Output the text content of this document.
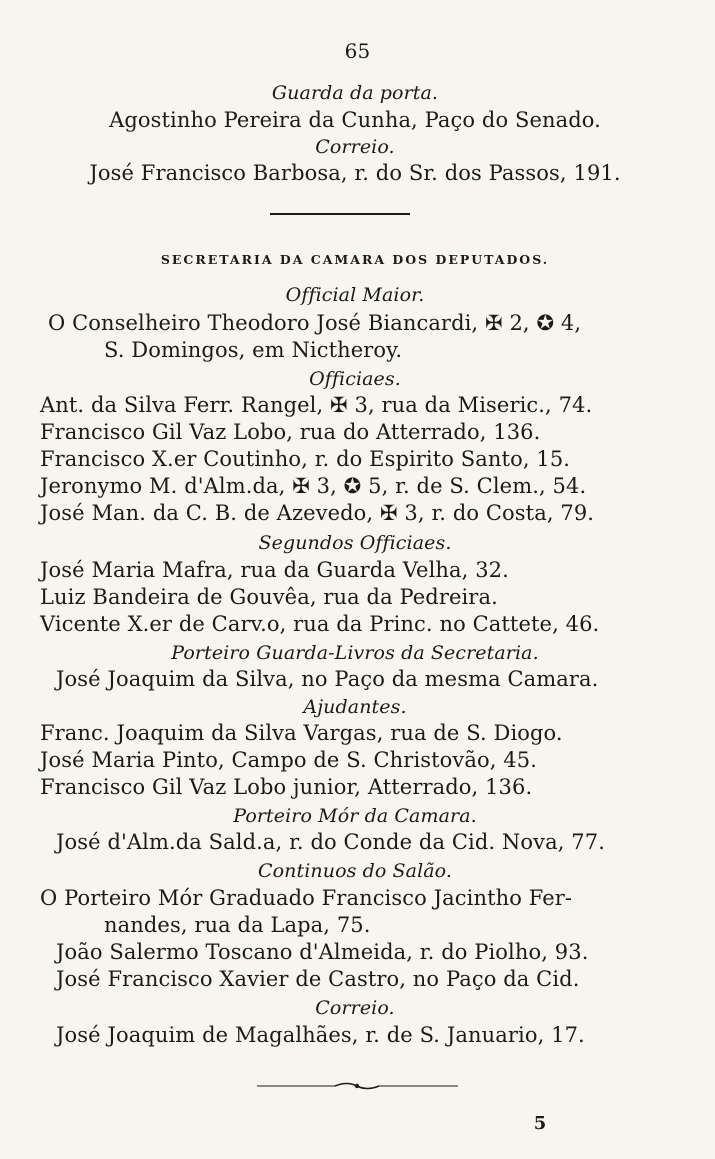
65
Guarda da porta.
Agostinho Pereira da Cunha, Paço do Senado.
Correio.
José Francisco Barbosa, r. do Sr. dos Passos, 191.
SECRETARIA DA CAMARA DOS DEPUTADOS.
Official Maior.
O Conselheiro Theodoro José Biancardi, ✠ 2, ✪ 4,
S. Domingos, em Nictheroy.
Officiaes.
Ant. da Silva Ferr. Rangel, ✠ 3, rua da Miseric., 74.
Francisco Gil Vaz Lobo, rua do Atterrado, 136.
Francisco X.er Coutinho, r. do Espirito Santo, 15.
Jeronymo M. d'Alm.da, ✠ 3, ✪ 5, r. de S. Clem., 54.
José Man. da C. B. de Azevedo, ✠ 3, r. do Costa, 79.
Segundos Officiaes.
José Maria Mafra, rua da Guarda Velha, 32.
Luiz Bandeira de Gouvêa, rua da Pedreira.
Vicente X.er de Carv.o, rua da Princ. no Cattete, 46.
Porteiro Guarda-Livros da Secretaria.
José Joaquim da Silva, no Paço da mesma Camara.
Ajudantes.
Franc. Joaquim da Silva Vargas, rua de S. Diogo.
José Maria Pinto, Campo de S. Christovão, 45.
Francisco Gil Vaz Lobo junior, Atterrado, 136.
Porteiro Mór da Camara.
José d'Alm.da Sald.a, r. do Conde da Cid. Nova, 77.
Continuos do Salão.
O Porteiro Mór Graduado Francisco Jacintho Fer-
nandes, rua da Lapa, 75.
João Salermo Toscano d'Almeida, r. do Piolho, 93.
José Francisco Xavier de Castro, no Paço da Cid.
Correio.
José Joaquim de Magalhães, r. de S. Januario, 17.
5
